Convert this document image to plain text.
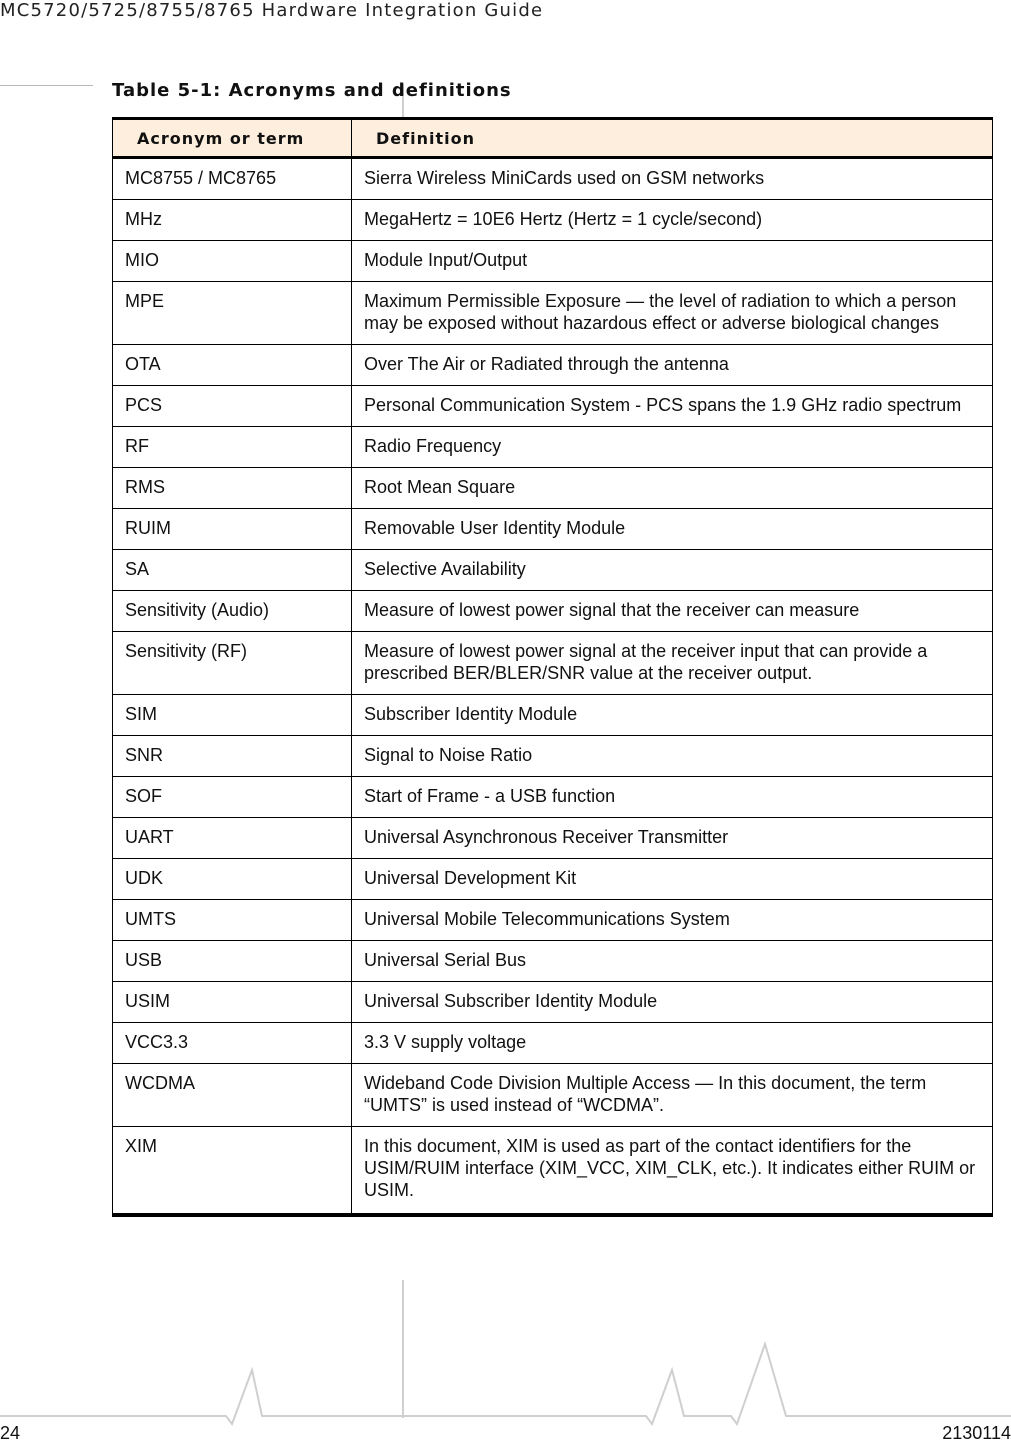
MC5720/5725/8755/8765 Hardware Integration Guide
Table 5-1: Acronyms and definitions
Acronym or term	Definition
MC8755 / MC8765	Sierra Wireless MiniCards used on GSM networks
MHz	MegaHertz = 10E6 Hertz (Hertz = 1 cycle/second)
MIO	Module Input/Output
MPE	Maximum Permissible Exposure — the level of radiation to which a person may be exposed without hazardous effect or adverse biological changes
OTA	Over The Air or Radiated through the antenna
PCS	Personal Communication System - PCS spans the 1.9 GHz radio spectrum
RF	Radio Frequency
RMS	Root Mean Square
RUIM	Removable User Identity Module
SA	Selective Availability
Sensitivity (Audio)	Measure of lowest power signal that the receiver can measure
Sensitivity (RF)	Measure of lowest power signal at the receiver input that can provide a prescribed BER/BLER/SNR value at the receiver output.
SIM	Subscriber Identity Module
SNR	Signal to Noise Ratio
SOF	Start of Frame - a USB function
UART	Universal Asynchronous Receiver Transmitter
UDK	Universal Development Kit
UMTS	Universal Mobile Telecommunications System
USB	Universal Serial Bus
USIM	Universal Subscriber Identity Module
VCC3.3	3.3 V supply voltage
WCDMA	Wideband Code Division Multiple Access — In this document, the term “UMTS” is used instead of “WCDMA”.
XIM	In this document, XIM is used as part of the contact identifiers for the USIM/RUIM interface (XIM_VCC, XIM_CLK, etc.). It indicates either RUIM or USIM.
24	2130114
